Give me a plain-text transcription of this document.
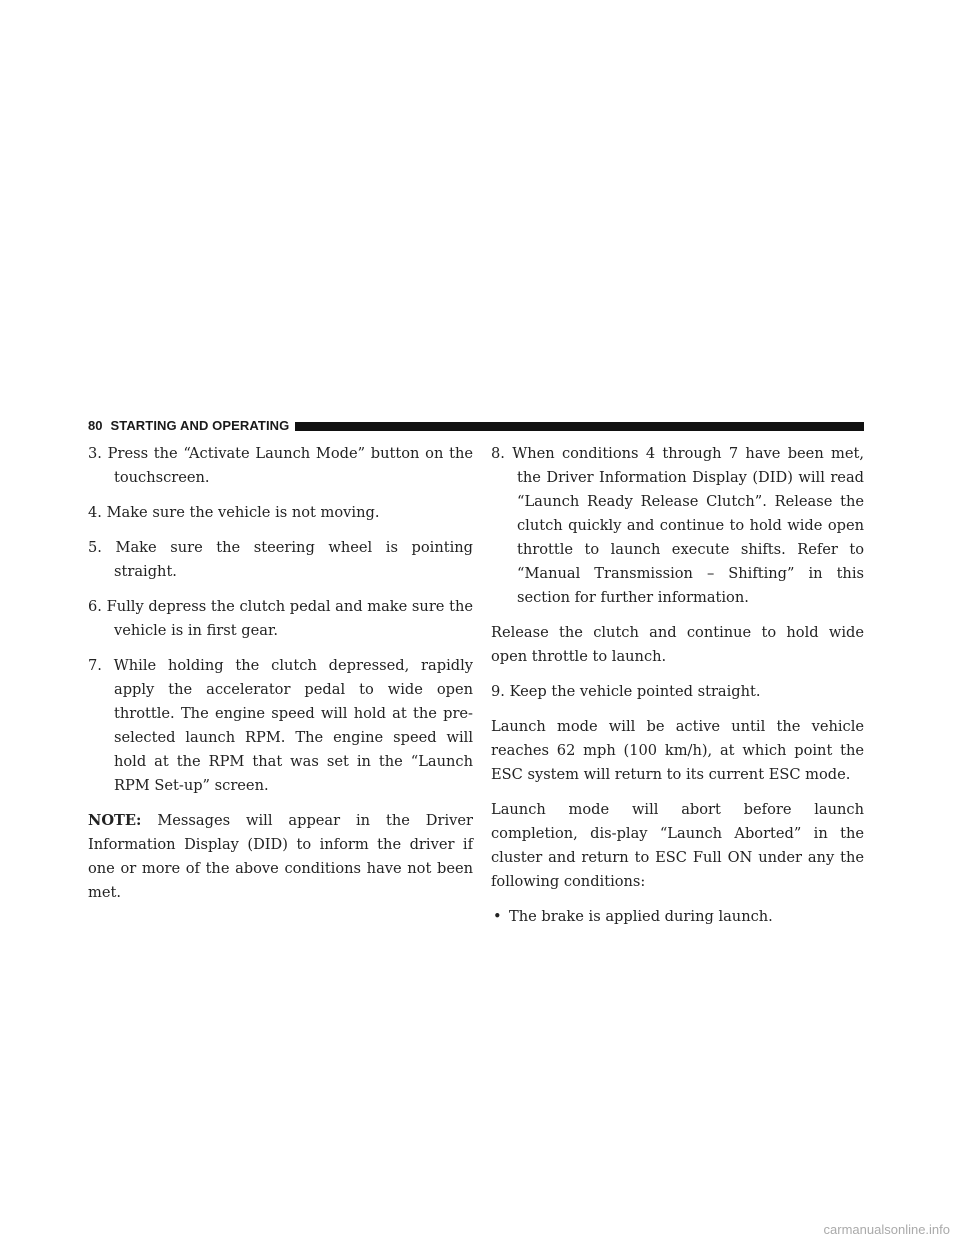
80 STARTING AND OPERATING

3. Press the “Activate Launch Mode” button on the touchscreen.

4. Make sure the vehicle is not moving.

5. Make sure the steering wheel is pointing straight.

6. Fully depress the clutch pedal and make sure the vehicle is in first gear.

7. While holding the clutch depressed, rapidly apply the accelerator pedal to wide open throttle. The engine speed will hold at the pre-selected launch RPM. The engine speed will hold at the RPM that was set in the “Launch RPM Set-up” screen.

NOTE: Messages will appear in the Driver Information Display (DID) to inform the driver if one or more of the above conditions have not been met.

8. When conditions 4 through 7 have been met, the Driver Information Display (DID) will read “Launch Ready Release Clutch”. Release the clutch quickly and continue to hold wide open throttle to launch execute shifts. Refer to “Manual Transmission – Shifting” in this section for further information.

Release the clutch and continue to hold wide open throttle to launch.

9. Keep the vehicle pointed straight.

Launch mode will be active until the vehicle reaches 62 mph (100 km/h), at which point the ESC system will return to its current ESC mode.

Launch mode will abort before launch completion, dis-play “Launch Aborted” in the cluster and return to ESC Full ON under any the following conditions:

• The brake is applied during launch.
carmanualsonline.info
